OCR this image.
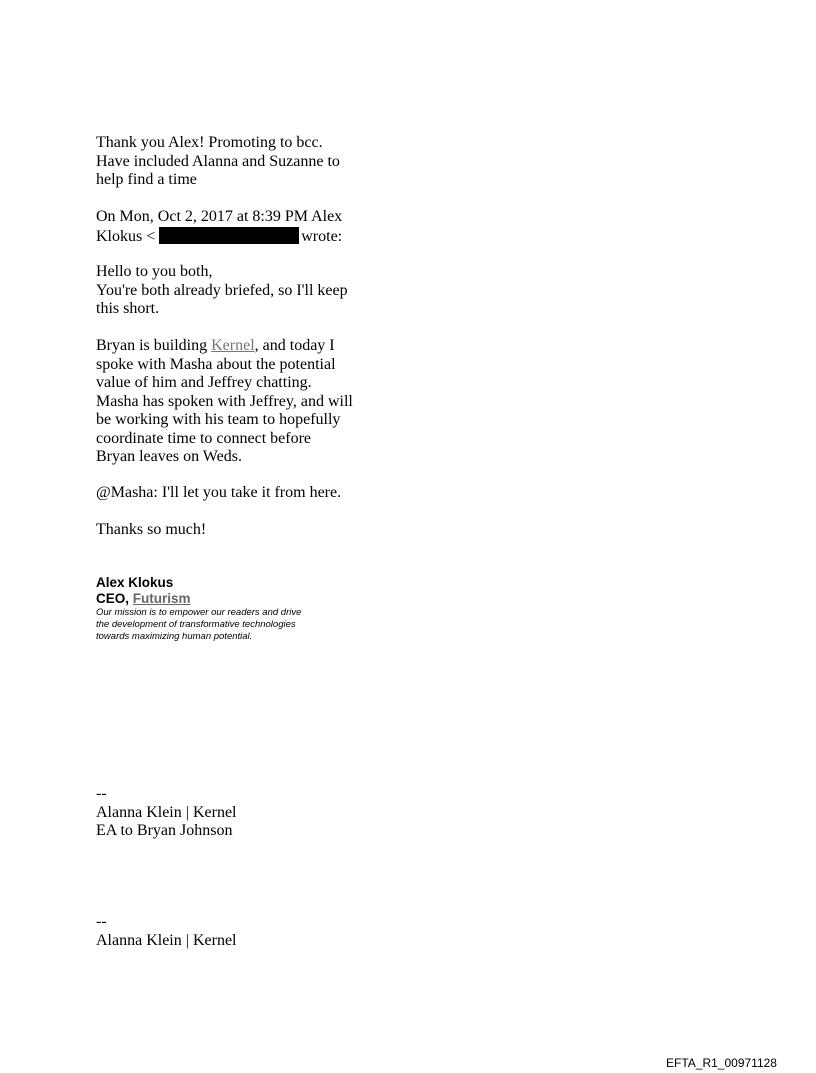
Thank you Alex! Promoting to bcc.
Have included Alanna and Suzanne to
help find a time
On Mon, Oct 2, 2017 at 8:39 PM Alex
Klokus <	wrote:
Hello to you both,
You're both already briefed, so I'll keep
this short.
Bryan is building Kernel, and today I
spoke with Masha about the potential
value of him and Jeffrey chatting.
Masha has spoken with Jeffrey, and will
be working with his team to hopefully
coordinate time to connect before
Bryan leaves on Weds.
@Masha: I'll let you take it from here.
Thanks so much!
Alex Klokus
CEO, Futurism
Our mission is to empower our readers and drive
the development of transformative technologies
towards maximizing human potential.
--
Alanna Klein | Kernel
EA to Bryan Johnson
--
Alanna Klein | Kernel
EFTA_R1_00971128
